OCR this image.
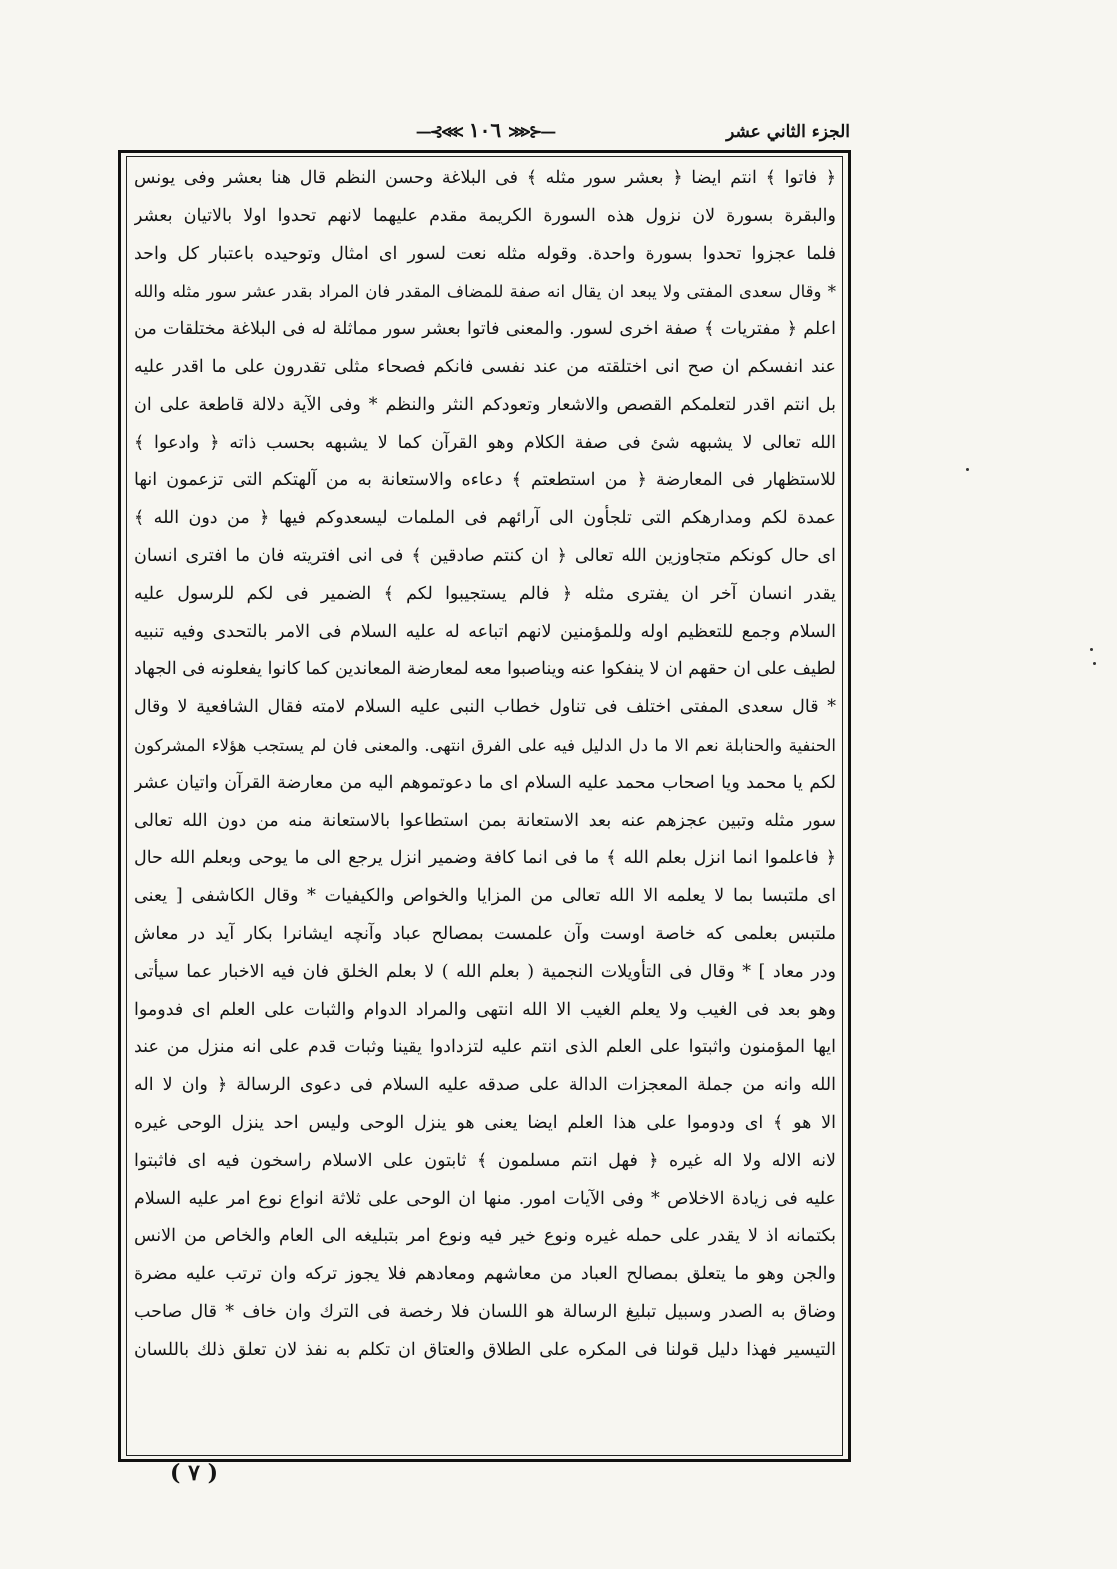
الجزء الثاني عشر
—⊰⋘ ١٠٦ ⋙⊱—
﴿ فاتوا ﴾ انتم ايضا ﴿ بعشر سور مثله ﴾ فى البلاغة وحسن النظم قال هنا بعشر وفى يونس
والبقرة بسورة لان نزول هذه السورة الكريمة مقدم عليهما لانهم تحدوا اولا بالاتيان بعشر
فلما عجزوا تحدوا بسورة واحدة. وقوله مثله نعت لسور اى امثال وتوحيده باعتبار كل واحد
* وقال سعدى المفتى ولا يبعد ان يقال انه صفة للمضاف المقدر فان المراد بقدر عشر سور مثله والله
اعلم ﴿ مفتريات ﴾ صفة اخرى لسور. والمعنى فاتوا بعشر سور مماثلة له فى البلاغة مختلقات من
عند انفسكم ان صح انى اختلقته من عند نفسى فانكم فصحاء مثلى تقدرون على ما اقدر عليه
بل انتم اقدر لتعلمكم القصص والاشعار وتعودكم النثر والنظم * وفى الآية دلالة قاطعة على ان
الله تعالى لا يشبهه شئ فى صفة الكلام وهو القرآن كما لا يشبهه بحسب ذاته ﴿ وادعوا ﴾
للاستظهار فى المعارضة ﴿ من استطعتم ﴾ دعاءه والاستعانة به من آلهتكم التى تزعمون انها
عمدة لكم ومدارهكم التى تلجأون الى آرائهم فى الملمات ليسعدوكم فيها ﴿ من دون الله ﴾
اى حال كونكم متجاوزين الله تعالى ﴿ ان كنتم صادقين ﴾ فى انى افتريته فان ما افترى انسان
يقدر انسان آخر ان يفترى مثله ﴿ فالم يستجيبوا لكم ﴾ الضمير فى لكم للرسول عليه
السلام وجمع للتعظيم اوله وللمؤمنين لانهم اتباعه له عليه السلام فى الامر بالتحدى وفيه تنبيه
لطيف على ان حقهم ان لا ينفكوا عنه ويناصبوا معه لمعارضة المعاندين كما كانوا يفعلونه فى الجهاد
* قال سعدى المفتى اختلف فى تناول خطاب النبى عليه السلام لامته فقال الشافعية لا وقال
الحنفية والحنابلة نعم الا ما دل الدليل فيه على الفرق انتهى. والمعنى فان لم يستجب هؤلاء المشركون
لكم يا محمد ويا اصحاب محمد عليه السلام اى ما دعوتموهم اليه من معارضة القرآن واتيان عشر
سور مثله وتبين عجزهم عنه بعد الاستعانة بمن استطاعوا بالاستعانة منه من دون الله تعالى
﴿ فاعلموا انما انزل بعلم الله ﴾ ما فى انما كافة وضمير انزل يرجع الى ما يوحى وبعلم الله حال
اى ملتبسا بما لا يعلمه الا الله تعالى من المزايا والخواص والكيفيات * وقال الكاشفى [ يعنى
ملتبس بعلمى كه خاصة اوست وآن علمست بمصالح عباد وآنچه ايشانرا بكار آيد در معاش
ودر معاد ] * وقال فى التأويلات النجمية ( بعلم الله ) لا بعلم الخلق فان فيه الاخبار عما سيأتى
وهو بعد فى الغيب ولا يعلم الغيب الا الله انتهى والمراد الدوام والثبات على العلم اى فدوموا
ايها المؤمنون واثبتوا على العلم الذى انتم عليه لتزدادوا يقينا وثبات قدم على انه منزل من عند
الله وانه من جملة المعجزات الدالة على صدقه عليه السلام فى دعوى الرسالة ﴿ وان لا اله
الا هو ﴾ اى ودوموا على هذا العلم ايضا يعنى هو ينزل الوحى وليس احد ينزل الوحى غيره
لانه الاله ولا اله غيره ﴿ فهل انتم مسلمون ﴾ ثابتون على الاسلام راسخون فيه اى فاثبتوا
عليه فى زيادة الاخلاص * وفى الآيات امور. منها ان الوحى على ثلاثة انواع نوع امر عليه السلام
بكتمانه اذ لا يقدر على حمله غيره ونوع خير فيه ونوع امر بتبليغه الى العام والخاص من الانس
والجن وهو ما يتعلق بمصالح العباد من معاشهم ومعادهم فلا يجوز تركه وان ترتب عليه مضرة
وضاق به الصدر وسبيل تبليغ الرسالة هو اللسان فلا رخصة فى الترك وان خاف * قال صاحب
التيسير فهذا دليل قولنا فى المكره على الطلاق والعتاق ان تكلم به نفذ لان تعلق ذلك باللسان
( ٧ )
